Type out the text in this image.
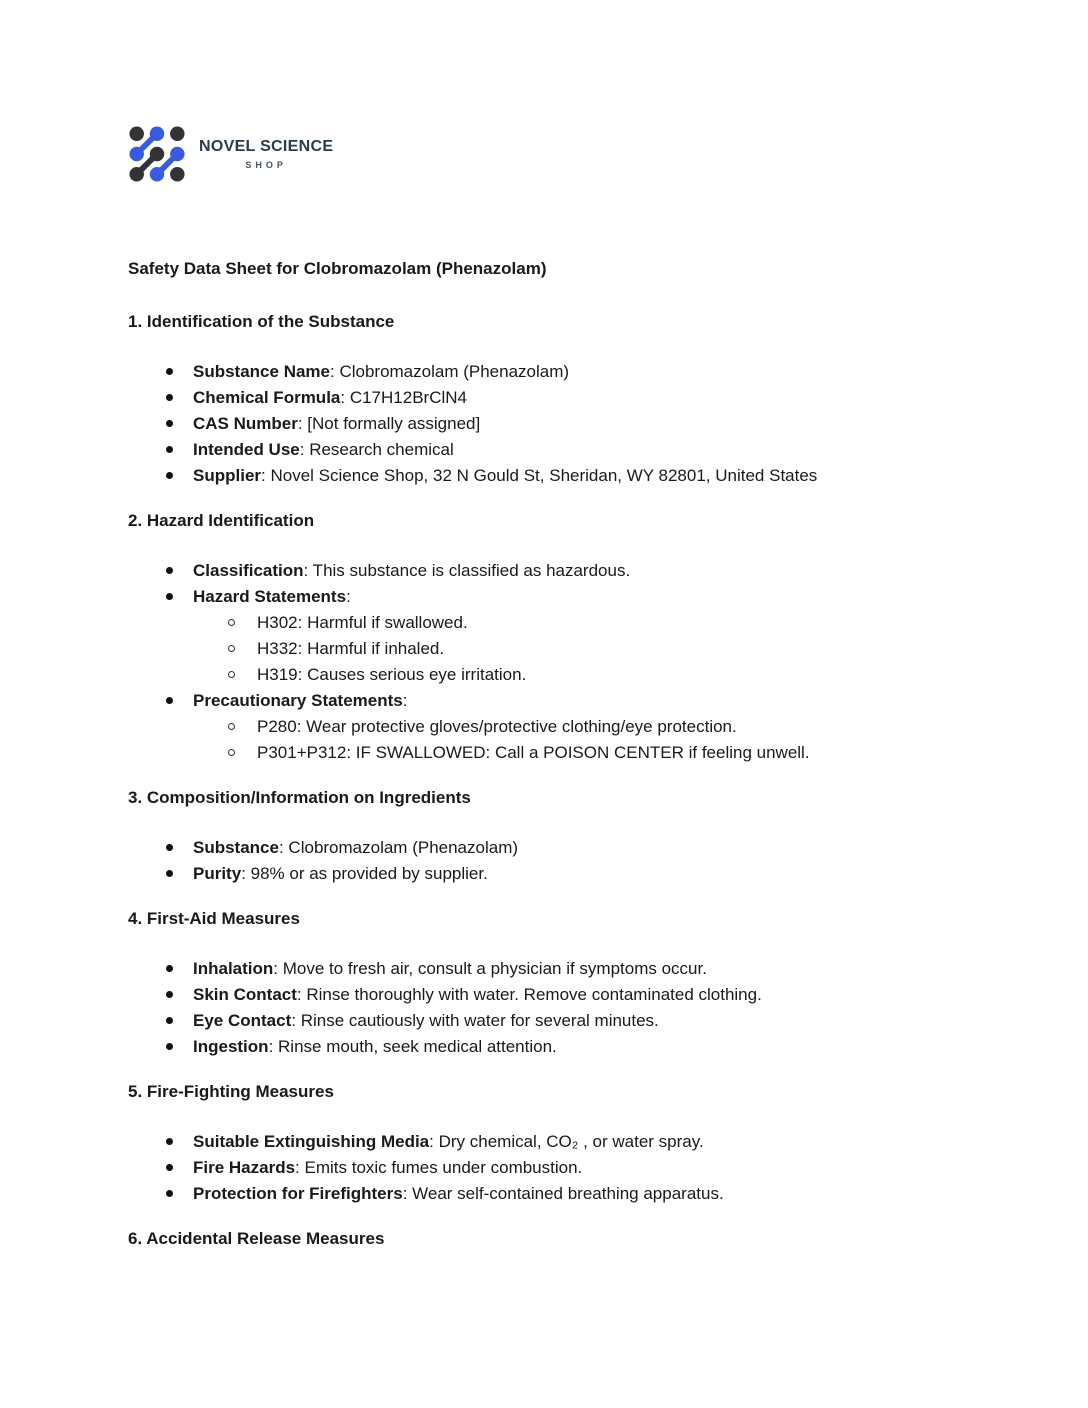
NOVEL SCIENCE
SHOP
Safety Data Sheet for Clobromazolam (Phenazolam)
1. Identification of the Substance
Substance Name: Clobromazolam (Phenazolam)
Chemical Formula: C17H12BrClN4
CAS Number: [Not formally assigned]
Intended Use: Research chemical
Supplier: Novel Science Shop, 32 N Gould St, Sheridan, WY 82801, United States
2. Hazard Identification
Classification: This substance is classified as hazardous.
Hazard Statements:
H302: Harmful if swallowed.
H332: Harmful if inhaled.
H319: Causes serious eye irritation.
Precautionary Statements:
P280: Wear protective gloves/protective clothing/eye protection.
P301+P312: IF SWALLOWED: Call a POISON CENTER if feeling unwell.
3. Composition/Information on Ingredients
Substance: Clobromazolam (Phenazolam)
Purity: 98% or as provided by supplier.
4. First-Aid Measures
Inhalation: Move to fresh air, consult a physician if symptoms occur.
Skin Contact: Rinse thoroughly with water. Remove contaminated clothing.
Eye Contact: Rinse cautiously with water for several minutes.
Ingestion: Rinse mouth, seek medical attention.
5. Fire-Fighting Measures
Suitable Extinguishing Media: Dry chemical, CO₂ , or water spray.
Fire Hazards: Emits toxic fumes under combustion.
Protection for Firefighters: Wear self-contained breathing apparatus.
6. Accidental Release Measures
